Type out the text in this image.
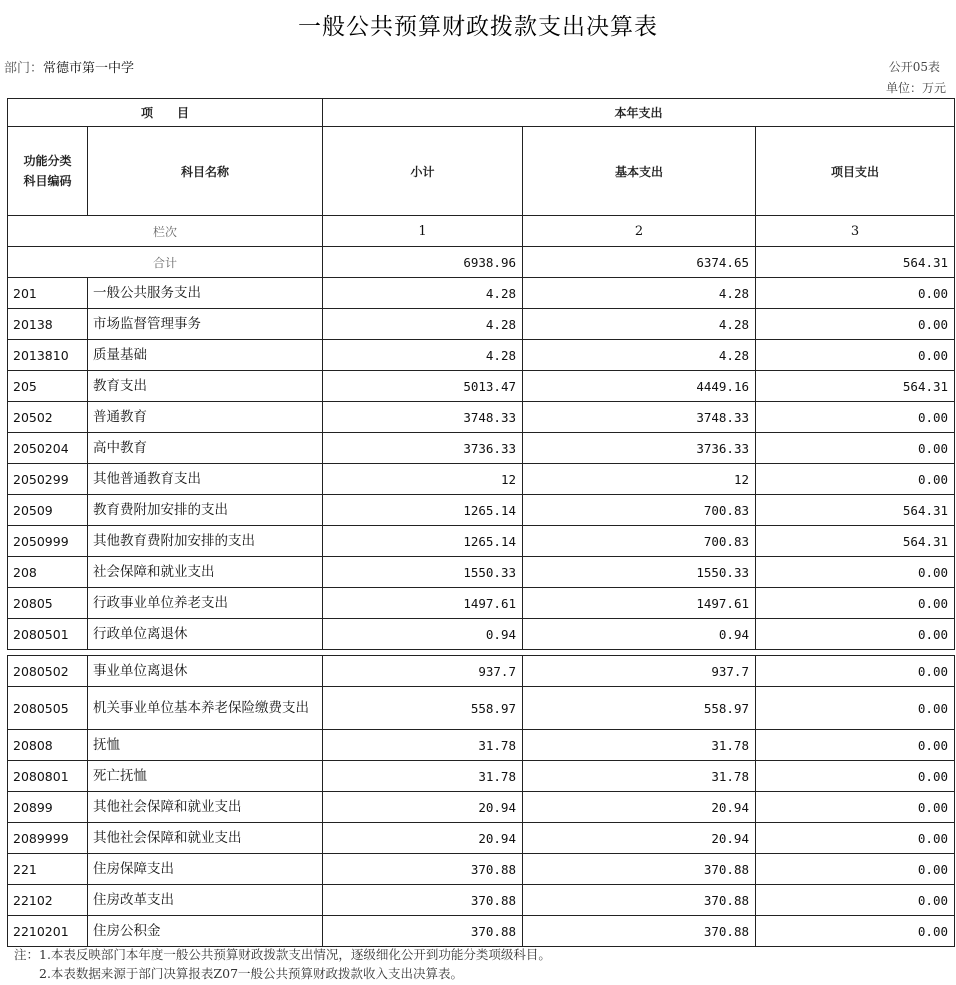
一般公共预算财政拨款支出决算表
部门：常德市第一中学	公开05表
单位：万元
项　　目		本年支出		
功能分类科目编码	科目名称	小计	基本支出	项目支出
栏次		1	2	3
合计		6938.96	6374.65	564.31
201	一般公共服务支出	4.28	4.28	0.00
20138	市场监督管理事务	4.28	4.28	0.00
2013810	质量基础	4.28	4.28	0.00
205	教育支出	5013.47	4449.16	564.31
20502	普通教育	3748.33	3748.33	0.00
2050204	高中教育	3736.33	3736.33	0.00
2050299	其他普通教育支出	12	12	0.00
20509	教育费附加安排的支出	1265.14	700.83	564.31
2050999	其他教育费附加安排的支出	1265.14	700.83	564.31
208	社会保障和就业支出	1550.33	1550.33	0.00
20805	行政事业单位养老支出	1497.61	1497.61	0.00
2080501	行政单位离退休	0.94	0.94	0.00
2080502	事业单位离退休	937.7	937.7	0.00
2080505	机关事业单位基本养老保险缴费支出	558.97	558.97	0.00
20808	抚恤	31.78	31.78	0.00
2080801	死亡抚恤	31.78	31.78	0.00
20899	其他社会保障和就业支出	20.94	20.94	0.00
2089999	其他社会保障和就业支出	20.94	20.94	0.00
221	住房保障支出	370.88	370.88	0.00
22102	住房改革支出	370.88	370.88	0.00
2210201	住房公积金	370.88	370.88	0.00
注：1.本表反映部门本年度一般公共预算财政拨款支出情况，逐级细化公开到功能分类项级科目。
　　2.本表数据来源于部门决算报表Z07一般公共预算财政拨款收入支出决算表。
